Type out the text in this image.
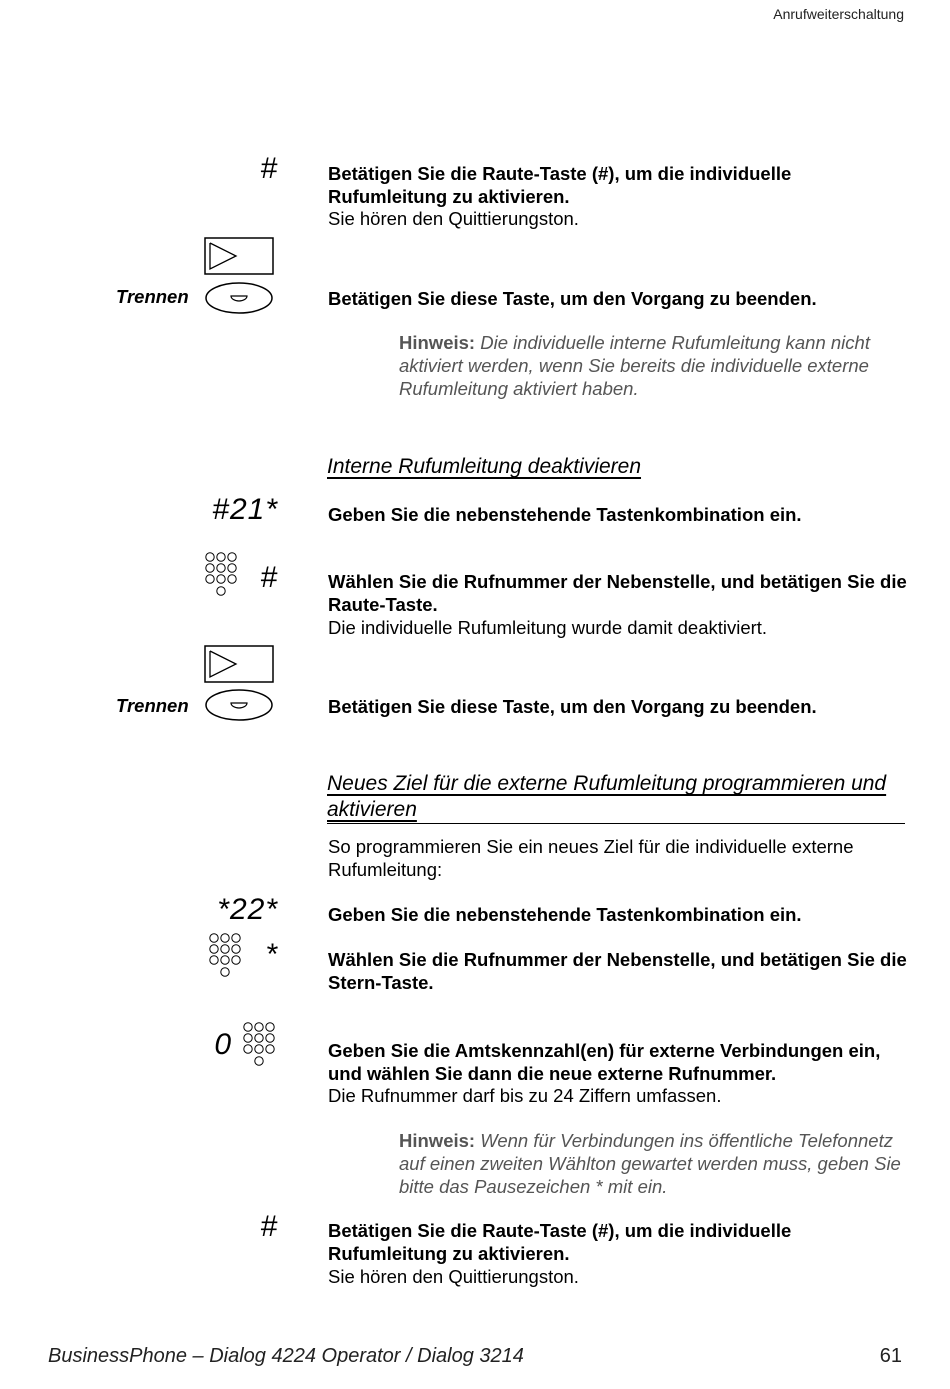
Anrufweiterschaltung
#	Betätigen Sie die Raute-Taste (#), um die individuelle Rufumleitung zu aktivieren.
Sie hören den Quittierungston.
Trennen	Betätigen Sie diese Taste, um den Vorgang zu beenden.
Hinweis: Die individuelle interne Rufumleitung kann nicht aktiviert werden, wenn Sie bereits die individuelle externe Rufumleitung aktiviert haben.
Interne Rufumleitung deaktivieren
#21*	Geben Sie die nebenstehende Tastenkombination ein.
#	Wählen Sie die Rufnummer der Nebenstelle, und betätigen Sie die Raute-Taste.
Die individuelle Rufumleitung wurde damit deaktiviert.
Trennen	Betätigen Sie diese Taste, um den Vorgang zu beenden.
Neues Ziel für die externe Rufumleitung programmieren und aktivieren
So programmieren Sie ein neues Ziel für die individuelle externe Rufumleitung:
*22*	Geben Sie die nebenstehende Tastenkombination ein.
*	Wählen Sie die Rufnummer der Nebenstelle, und betätigen Sie die Stern-Taste.
0	Geben Sie die Amtskennzahl(en) für externe Verbindungen ein, und wählen Sie dann die neue externe Rufnummer.
Die Rufnummer darf bis zu 24 Ziffern umfassen.
Hinweis: Wenn für Verbindungen ins öffentliche Telefonnetz auf einen zweiten Wählton gewartet werden muss, geben Sie bitte das Pausezeichen * mit ein.
#	Betätigen Sie die Raute-Taste (#), um die individuelle Rufumleitung zu aktivieren.
Sie hören den Quittierungston.
BusinessPhone – Dialog 4224 Operator / Dialog 3214	61
